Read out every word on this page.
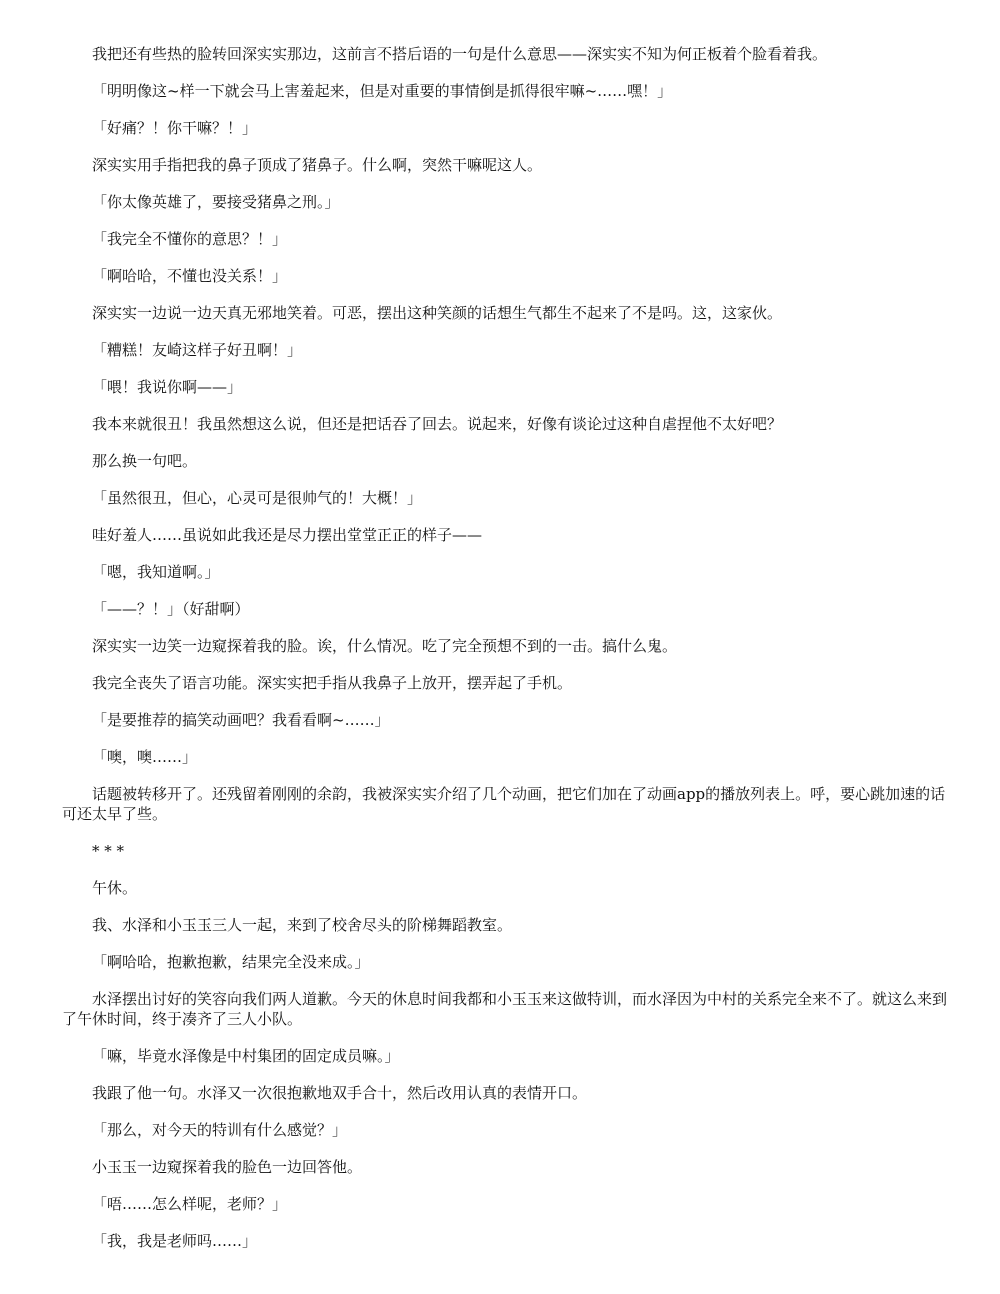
我把还有些热的脸转回深实实那边，这前言不搭后语的一句是什么意思——深实实不知为何正板着个脸看着我。

「明明像这~样一下就会马上害羞起来，但是对重要的事情倒是抓得很牢嘛~……嘿！」

「好痛？！你干嘛？！」

深实实用手指把我的鼻子顶成了猪鼻子。什么啊，突然干嘛呢这人。

「你太像英雄了，要接受猪鼻之刑。」

「我完全不懂你的意思？！」

「啊哈哈，不懂也没关系！」

深实实一边说一边天真无邪地笑着。可恶，摆出这种笑颜的话想生气都生不起来了不是吗。这，这家伙。

「糟糕！友崎这样子好丑啊！」

「喂！我说你啊——」

我本来就很丑！我虽然想这么说，但还是把话吞了回去。说起来，好像有谈论过这种自虐捏他不太好吧？

那么换一句吧。

「虽然很丑，但心，心灵可是很帅气的！大概！」

哇好羞人……虽说如此我还是尽力摆出堂堂正正的样子——

「嗯，我知道啊。」

「——？！」（好甜啊）

深实实一边笑一边窥探着我的脸。诶，什么情况。吃了完全预想不到的一击。搞什么鬼。

我完全丧失了语言功能。深实实把手指从我鼻子上放开，摆弄起了手机。

「是要推荐的搞笑动画吧？我看看啊~……」

「噢，噢……」

话题被转移开了。还残留着刚刚的余韵，我被深实实介绍了几个动画，把它们加在了动画app的播放列表上。呼，要心跳加速的话可还太早了些。

* * *

午休。

我、水泽和小玉玉三人一起，来到了校舍尽头的阶梯舞蹈教室。

「啊哈哈，抱歉抱歉，结果完全没来成。」

水泽摆出讨好的笑容向我们两人道歉。今天的休息时间我都和小玉玉来这做特训，而水泽因为中村的关系完全来不了。就这么来到了午休时间，终于凑齐了三人小队。

「嘛，毕竟水泽像是中村集团的固定成员嘛。」

我跟了他一句。水泽又一次很抱歉地双手合十，然后改用认真的表情开口。

「那么，对今天的特训有什么感觉？」

小玉玉一边窥探着我的脸色一边回答他。

「唔……怎么样呢，老师？」

「我，我是老师吗……」
